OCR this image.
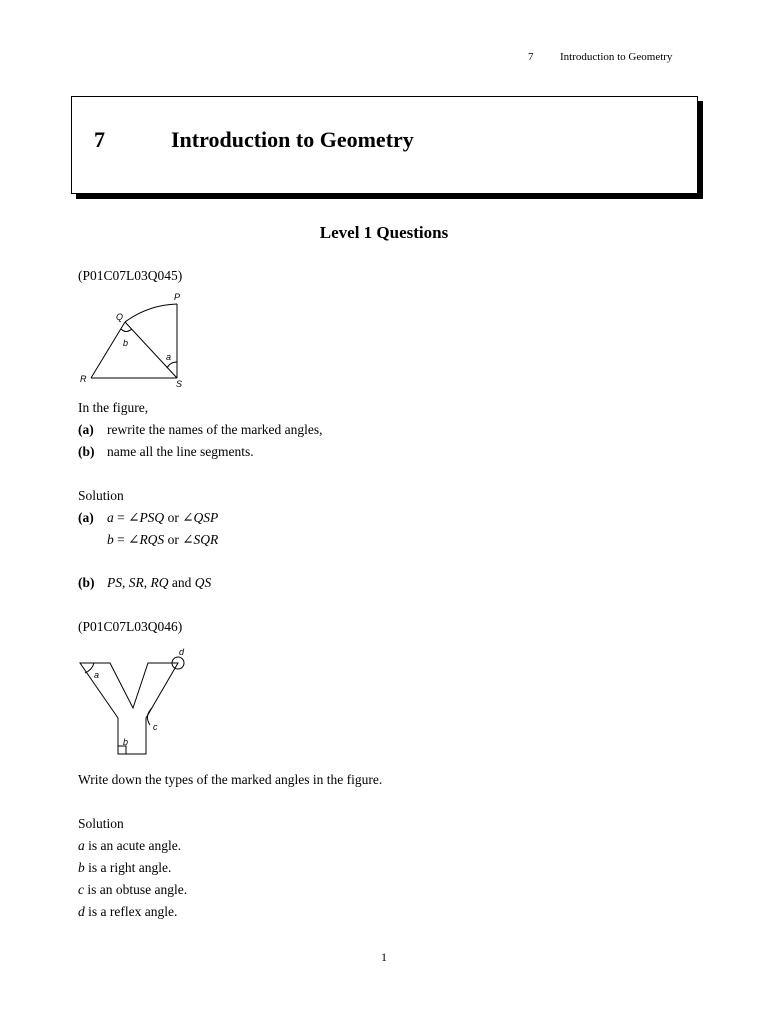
7 Introduction to Geometry
7	Introduction to Geometry
Level 1 Questions
(P01C07L03Q045)
P
Q
R	S
a
b
In the figure,
(a) rewrite the names of the marked angles,
(b) name all the line segments.
Solution
(a) a = ∠PSQ or ∠QSP
b = ∠RQS or ∠SQR
(b) PS, SR, RQ and QS
(P01C07L03Q046)
a
b
c
d
Write down the types of the marked angles in the figure.
Solution
a is an acute angle.
b is a right angle.
c is an obtuse angle.
d is a reflex angle.
1
